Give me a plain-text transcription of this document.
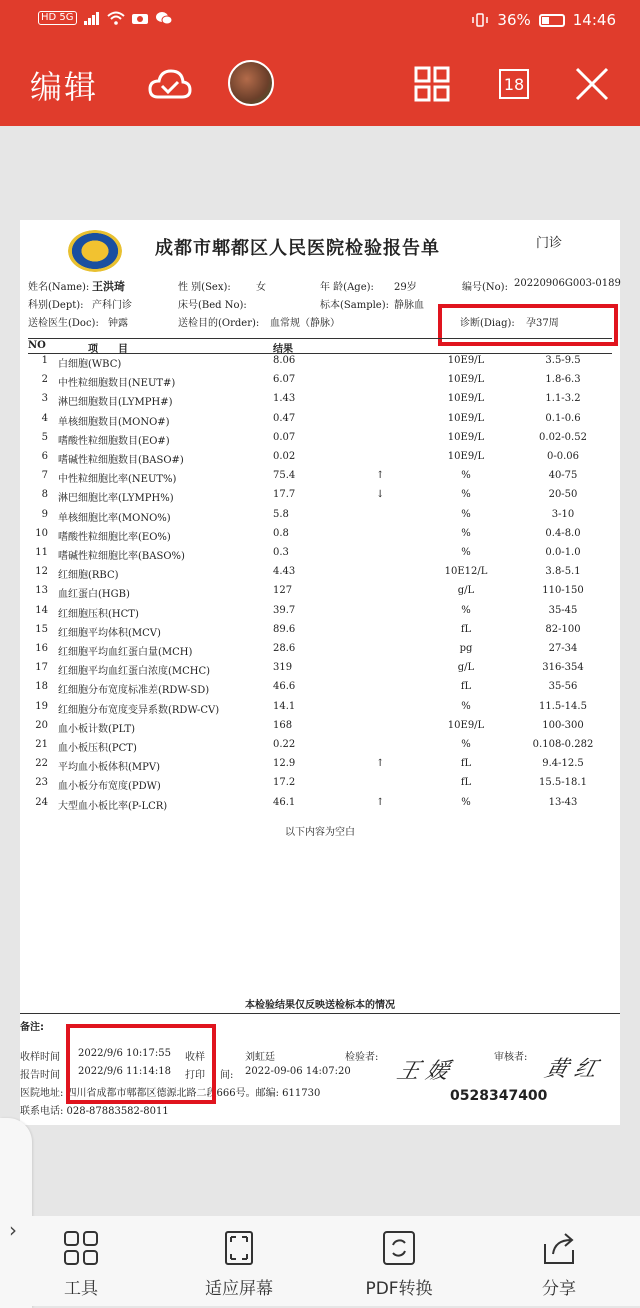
HD 5G	36%	14:46
编辑	18
成都市郫都区人民医院检验报告单	门诊
姓名(Name): 王洪琦	性 别(Sex):	女	年 龄(Age): 29岁	编号(No): 20220906G003-0189
科别(Dept): 产科门诊	床号(Bed No):	标本(Sample): 静脉血
送检医生(Doc): 钟露	送检目的(Order): 血常规（静脉）	诊断(Diag): 孕37周
NO	项　　目	结果
1 白细胞(WBC)	8.06	10E9/L	3.5-9.5
2 中性粒细胞数目(NEUT#)	6.07	10E9/L	1.8-6.3
3 淋巴细胞数目(LYMPH#)	1.43	10E9/L	1.1-3.2
4 单核细胞数目(MONO#)	0.47	10E9/L	0.1-0.6
5 嗜酸性粒细胞数目(EO#)	0.07	10E9/L	0.02-0.52
6 嗜碱性粒细胞数目(BASO#)	0.02	10E9/L	0-0.06
7 中性粒细胞比率(NEUT%)	75.4	↑	%	40-75
8 淋巴细胞比率(LYMPH%)	17.7	↓	%	20-50
9 单核细胞比率(MONO%)	5.8	%	3-10
10 嗜酸性粒细胞比率(EO%)	0.8	%	0.4-8.0
11 嗜碱性粒细胞比率(BASO%)	0.3	%	0.0-1.0
12 红细胞(RBC)	4.43	10E12/L	3.8-5.1
13 血红蛋白(HGB)	127	g/L	110-150
14 红细胞压积(HCT)	39.7	%	35-45
15 红细胞平均体积(MCV)	89.6	fL	82-100
16 红细胞平均血红蛋白量(MCH)	28.6	pg	27-34
17 红细胞平均血红蛋白浓度(MCHC)	319	g/L	316-354
18 红细胞分布宽度标准差(RDW-SD)	46.6	fL	35-56
19 红细胞分布宽度变异系数(RDW-CV)	14.1	%	11.5-14.5
20 血小板计数(PLT)	168	10E9/L	100-300
21 血小板压积(PCT)	0.22	%	0.108-0.282
22 平均血小板体积(MPV)	12.9	↑	fL	9.4-12.5
23 血小板分布宽度(PDW)	17.2	fL	15.5-18.1
24 大型血小板比率(P-LCR)	46.1	↑	%	13-43
以下内容为空白
本检验结果仅反映送检标本的情况
备注:
收样时间 2022/9/6 10:17:55 收样	刘虹廷	检验者:	审核者:
报告时间 2022/9/6 11:14:18 打印 间: 2022-09-06 14:07:20 王 媛	黄 红
医院地址: 四川省成都市郫都区德源北路二段666号。邮编: 611730
联系电话: 028-87883582-8011
0528347400
›
工具	适应屏幕	PDF转换	分享
